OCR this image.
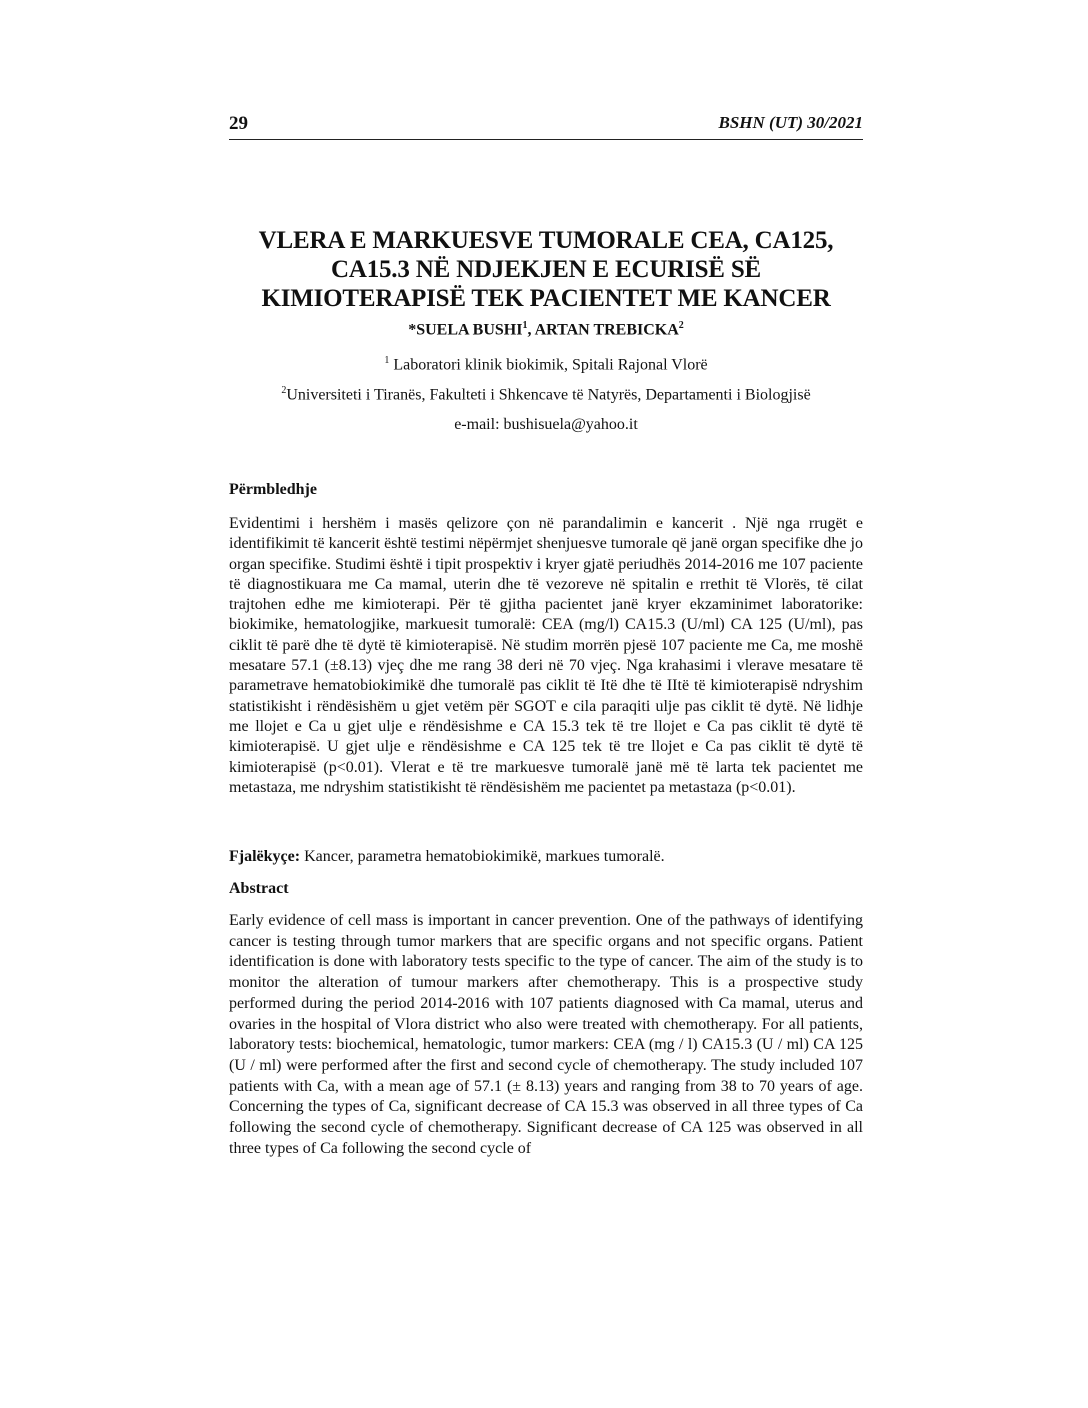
29	BSHN (UT) 30/2021
VLERA E MARKUESVE TUMORALE CEA, CA125,
CA15.3 NË NDJEKJEN E ECURISË SË
KIMIOTERAPISË TEK PACIENTET ME KANCER
*SUELA BUSHI$^1$, ARTAN TREBICKA$^2$
$^1$ Laboratori klinik biokimik, Spitali Rajonal Vlorë
$^2$Universiteti i Tiranës, Fakulteti i Shkencave të Natyrës, Departamenti i Biologjisë
e-mail: bushisuela@yahoo.it
Përmbledhje

Evidentimi i hershëm i masës qelizore çon në parandalimin e kancerit . Një nga rrugët e identifikimit të kancerit është testimi nëpërmjet shenjuesve tumorale që janë organ specifike dhe jo organ specifike. Studimi është i tipit prospektiv i kryer gjatë periudhës 2014-2016 me 107 paciente të diagnostikuara me Ca mamal, uterin dhe të vezoreve në spitalin e rrethit të Vlorës, të cilat trajtohen edhe me kimioterapi. Për të gjitha pacientet janë kryer ekzaminimet laboratorike: biokimike, hematologjike, markuesit tumoralë: CEA (mg/l) CA15.3 (U/ml) CA 125 (U/ml), pas ciklit të parë dhe të dytë të kimioterapisë. Në studim morrën pjesë 107 paciente me Ca, me moshë mesatare 57.1 (±8.13) vjeç dhe me rang 38 deri në 70 vjeç. Nga krahasimi i vlerave mesatare të parametrave hematobiokimikë dhe tumoralë pas ciklit të Itë dhe të IItë të kimioterapisë ndryshim statistikisht i rëndësishëm u gjet vetëm për SGOT e cila paraqiti ulje pas ciklit të dytë. Në lidhje me llojet e Ca u gjet ulje e rëndësishme e CA 15.3 tek të tre llojet e Ca pas ciklit të dytë të kimioterapisë. U gjet ulje e rëndësishme e CA 125 tek të tre llojet e Ca pas ciklit të dytë të kimioterapisë (p<0.01). Vlerat e të tre markuesve tumoralë janë më të larta tek pacientet me metastaza, me ndryshim statistikisht të rëndësishëm me pacientet pa metastaza (p<0.01).

Fjalëkyçe: Kancer, parametra hematobiokimikë, markues tumoralë.
Abstract

Early evidence of cell mass is important in cancer prevention. One of the pathways of identifying cancer is testing through tumor markers that are specific organs and not specific organs. Patient identification is done with laboratory tests specific to the type of cancer. The aim of the study is to monitor the alteration of tumour markers after chemotherapy. This is a prospective study performed during the period 2014-2016 with 107 patients diagnosed with Ca mamal, uterus and ovaries in the hospital of Vlora district who also were treated with chemotherapy. For all patients, laboratory tests: biochemical, hematologic, tumor markers: CEA (mg / l) CA15.3 (U / ml) CA 125 (U / ml) were performed after the first and second cycle of chemotherapy. The study included 107 patients with Ca, with a mean age of 57.1 (± 8.13) years and ranging from 38 to 70 years of age. Concerning the types of Ca, significant decrease of CA 15.3 was observed in all three types of Ca following the second cycle of chemotherapy. Significant decrease of CA 125 was observed in all three types of Ca following the second cycle of
